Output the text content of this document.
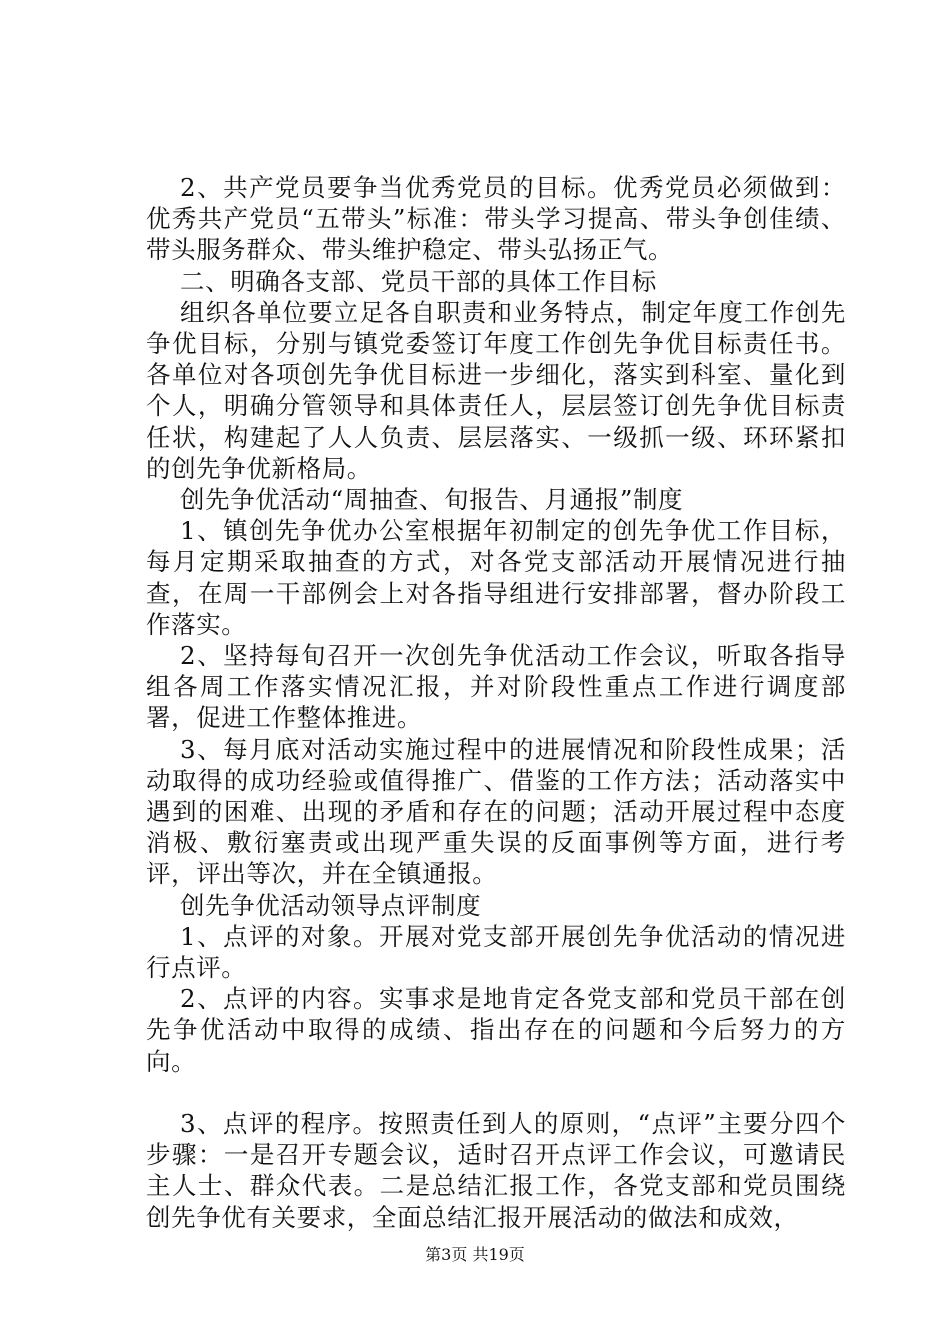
2、共产党员要争当优秀党员的目标。优秀党员必须做到：优秀共产党员“五带头”标准：带头学习提高、带头争创佳绩、带头服务群众、带头维护稳定、带头弘扬正气。

二、明确各支部、党员干部的具体工作目标

组织各单位要立足各自职责和业务特点，制定年度工作创先争优目标，分别与镇党委签订年度工作创先争优目标责任书。各单位对各项创先争优目标进一步细化，落实到科室、量化到个人，明确分管领导和具体责任人，层层签订创先争优目标责任状，构建起了人人负责、层层落实、一级抓一级、环环紧扣的创先争优新格局。

创先争优活动“周抽查、旬报告、月通报”制度

1、镇创先争优办公室根据年初制定的创先争优工作目标，每月定期采取抽查的方式，对各党支部活动开展情况进行抽查，在周一干部例会上对各指导组进行安排部署，督办阶段工作落实。

2、坚持每旬召开一次创先争优活动工作会议，听取各指导组各周工作落实情况汇报，并对阶段性重点工作进行调度部署，促进工作整体推进。

3、每月底对活动实施过程中的进展情况和阶段性成果；活动取得的成功经验或值得推广、借鉴的工作方法；活动落实中遇到的困难、出现的矛盾和存在的问题；活动开展过程中态度消极、敷衍塞责或出现严重失误的反面事例等方面，进行考评，评出等次，并在全镇通报。

创先争优活动领导点评制度

1、点评的对象。开展对党支部开展创先争优活动的情况进行点评。

2、点评的内容。实事求是地肯定各党支部和党员干部在创先争优活动中取得的成绩、指出存在的问题和今后努力的方向。

3、点评的程序。按照责任到人的原则，“点评”主要分四个步骤：一是召开专题会议，适时召开点评工作会议，可邀请民主人士、群众代表。二是总结汇报工作，各党支部和党员围绕创先争优有关要求，全面总结汇报开展活动的做法和成效，

第3页 共19页
